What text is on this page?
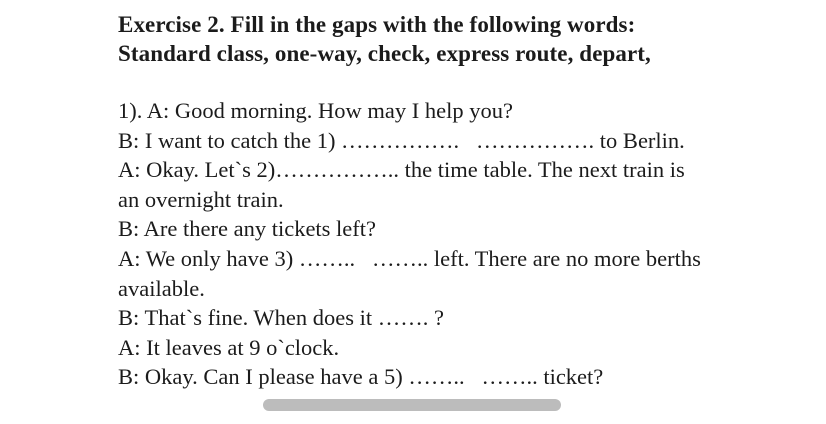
Exercise 2. Fill in the gaps with the following words:
Standard class, one-way, check, express route, depart,
1). A: Good morning. How may I help you?
B: I want to catch the 1) …………….   ……………. to Berlin.
A: Okay. Let`s 2)…………….. the time table. The next train is
an overnight train.
B: Are there any tickets left?
A: We only have 3) ……..   …….. left. There are no more berths
available.
B: That`s fine. When does it ……. ?
A: It leaves at 9 o`clock.
B: Okay. Can I please have a 5) ……..   …….. ticket?
